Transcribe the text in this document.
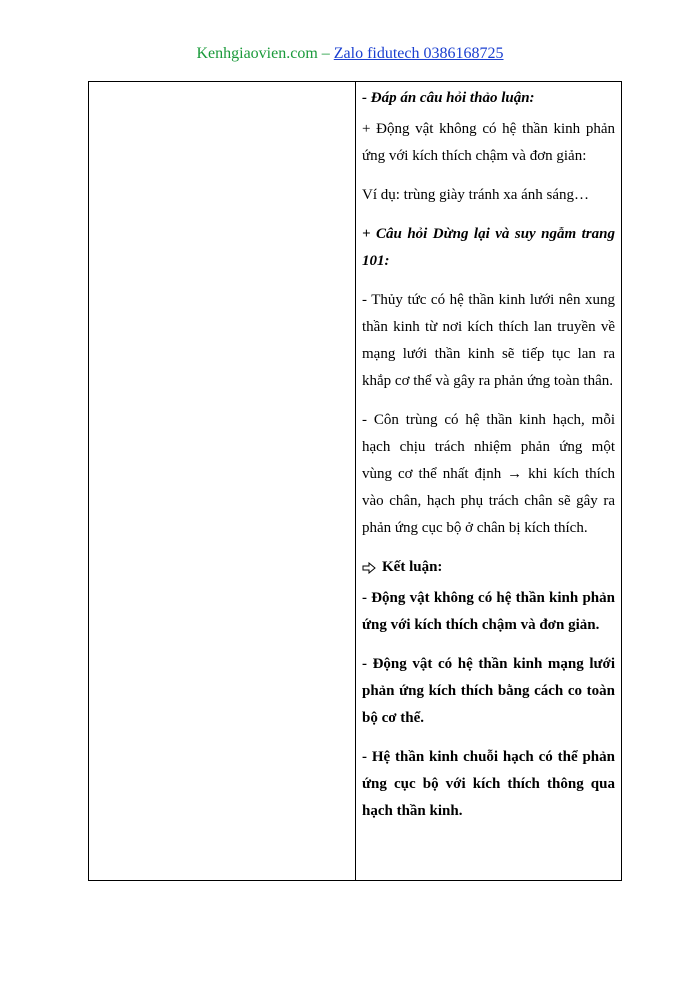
Kenhgiaovien.com – Zalo fidutech 0386168725

- Đáp án câu hỏi thảo luận:

+ Động vật không có hệ thần kinh phản ứng với kích thích chậm và đơn giản:

Ví dụ: trùng giày tránh xa ánh sáng…

+ Câu hỏi Dừng lại và suy ngẫm trang 101:

- Thủy tức có hệ thần kinh lưới nên xung thần kinh từ nơi kích thích lan truyền về mạng lưới thần kinh sẽ tiếp tục lan ra khắp cơ thể và gây ra phản ứng toàn thân.

- Côn trùng có hệ thần kinh hạch, mỗi hạch chịu trách nhiệm phản ứng một vùng cơ thể nhất định → khi kích thích vào chân, hạch phụ trách chân sẽ gây ra phản ứng cục bộ ở chân bị kích thích.

Kết luận:

- Động vật không có hệ thần kinh phản ứng với kích thích chậm và đơn giản.

- Động vật có hệ thần kinh mạng lưới phản ứng kích thích bằng cách co toàn bộ cơ thể.

- Hệ thần kinh chuỗi hạch có thể phản ứng cục bộ với kích thích thông qua hạch thần kinh.
